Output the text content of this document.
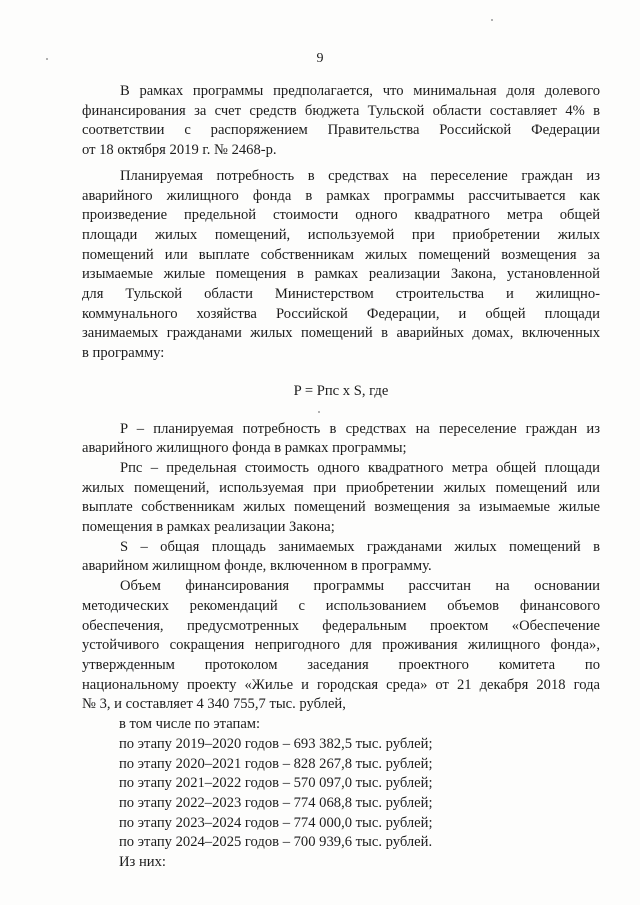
9

В рамках программы предполагается, что минимальная доля долевого

финансирования за счет средств бюджета Тульской области составляет 4% в

соответствии с распоряжением Правительства Российской Федерации

от 18 октября 2019 г. № 2468-р.

Планируемая потребность в средствах на переселение граждан из

аварийного жилищного фонда в рамках программы рассчитывается как

произведение предельной стоимости одного квадратного метра общей

площади жилых помещений, используемой при приобретении жилых

помещений или выплате собственникам жилых помещений возмещения за

изымаемые жилые помещения в рамках реализации Закона, установленной

для Тульской области Министерством строительства и жилищно-

коммунального хозяйства Российской Федерации, и общей площади

занимаемых гражданами жилых помещений в аварийных домах, включенных

в программу:

P = Pпс x S, где

P – планируемая потребность в средствах на переселение граждан из

аварийного жилищного фонда в рамках программы;

Pпс – предельная стоимость одного квадратного метра общей площади

жилых помещений, используемая при приобретении жилых помещений или

выплате собственникам жилых помещений возмещения за изымаемые жилые

помещения в рамках реализации Закона;

S – общая площадь занимаемых гражданами жилых помещений в

аварийном жилищном фонде, включенном в программу.

Объем финансирования программы рассчитан на основании

методических рекомендаций с использованием объемов финансового

обеспечения, предусмотренных федеральным проектом «Обеспечение

устойчивого сокращения непригодного для проживания жилищного фонда»,

утвержденным протоколом заседания проектного комитета по

национальному проекту «Жилье и городская среда» от 21 декабря 2018 года

№ 3, и составляет 4 340 755,7 тыс. рублей,

в том числе по этапам:

по этапу 2019–2020 годов – 693 382,5 тыс. рублей;

по этапу 2020–2021 годов – 828 267,8 тыс. рублей;

по этапу 2021–2022 годов – 570 097,0 тыс. рублей;

по этапу 2022–2023 годов – 774 068,8 тыс. рублей;

по этапу 2023–2024 годов – 774 000,0 тыс. рублей;

по этапу 2024–2025 годов – 700 939,6 тыс. рублей.

Из них:
